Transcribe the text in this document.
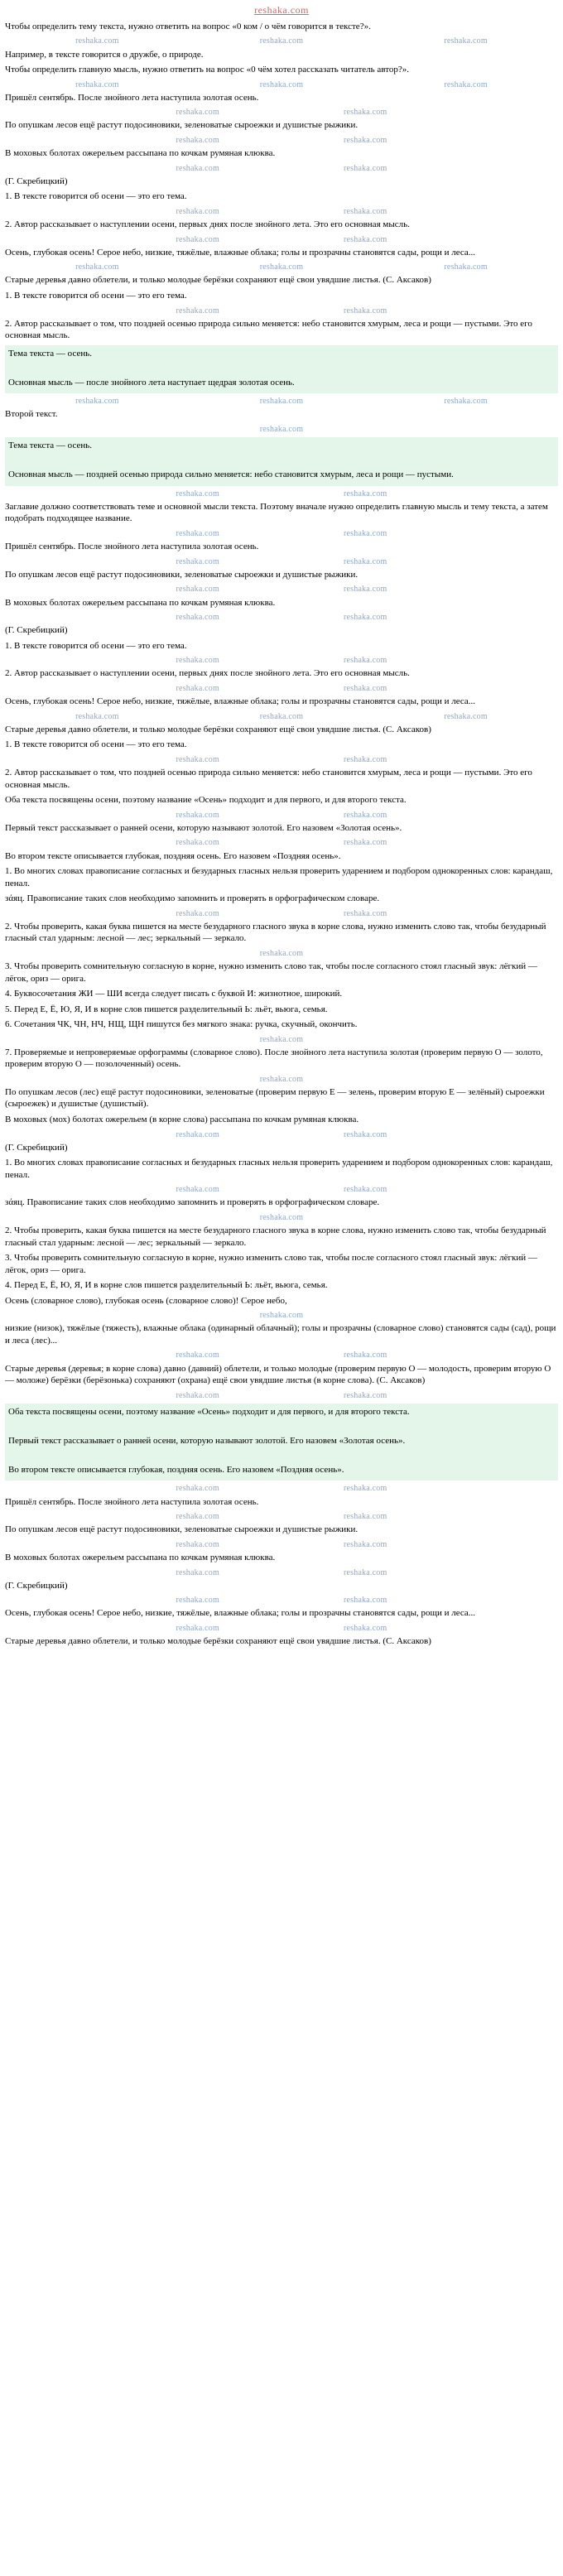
reshaka.com

Чтобы определить тему текста, нужно ответить на вопрос «0 ком / о чём говорится в тексте?».

reshaka.com	reshaka.com	reshaka.com

Например, в тексте говорится о дружбе, о природе.

Чтобы определить главную мысль, нужно ответить на вопрос «0 чём хотел рассказать читатель автор?».

reshaka.com	reshaka.com	reshaka.com

Пришёл сентябрь. После знойного лета наступила золотая осень.

reshaka.com	reshaka.com

По опушкам лесов ещё растут подосиновики, зеленоватые сыроежки и душистые рыжики.

reshaka.com	reshaka.com

В моховых болотах ожерельем рассыпана по кочкам румяная клюква.

reshaka.com	reshaka.com

(Г. Скребицкий)

1. В тексте говорится об осени — это его тема.

reshaka.com	reshaka.com

2. Автор рассказывает о наступлении осени, первых днях после знойного лета. Это его основная мысль.

reshaka.com	reshaka.com

Осень, глубокая осень! Серое небо, низкие, тяжёлые, влажные облака; голы и прозрачны становятся сады, рощи и леса...

reshaka.com	reshaka.com	reshaka.com

Старые деревья давно облетели, и только молодые берёзки сохраняют ещё свои увядшие листья. (С. Аксаков)

1. В тексте говорится об осени — это его тема.

reshaka.com	reshaka.com

2. Автор рассказывает о том, что поздней осенью природа сильно меняется: небо становится хмурым, леса и рощи — пустыми. Это его основная мысль.

Тема текста — осень.

Основная мысль — после знойного лета наступает щедрая золотая осень.

reshaka.com	reshaka.com	reshaka.com

Второй текст.

reshaka.com

Тема текста — осень.

Основная мысль — поздней осенью природа сильно меняется: небо становится хмурым, леса и рощи — пустыми.

reshaka.com	reshaka.com

Заглавие должно соответствовать теме и основной мысли текста. Поэтому вначале нужно определить главную мысль и тему текста, а затем подобрать подходящее название.

reshaka.com	reshaka.com

Пришёл сентябрь. После знойного лета наступила золотая осень.

reshaka.com	reshaka.com

По опушкам лесов ещё растут подосиновики, зеленоватые сыроежки и душистые рыжики.

reshaka.com	reshaka.com

В моховых болотах ожерельем рассыпана по кочкам румяная клюква.

reshaka.com	reshaka.com

(Г. Скребицкий)

1. В тексте говорится об осени — это его тема.

reshaka.com	reshaka.com

2. Автор рассказывает о наступлении осени, первых днях после знойного лета. Это его основная мысль.

reshaka.com	reshaka.com

Осень, глубокая осень! Серое небо, низкие, тяжёлые, влажные облака; голы и прозрачны становятся сады, рощи и леса...

reshaka.com	reshaka.com	reshaka.com

Старые деревья давно облетели, и только молодые берёзки сохраняют ещё свои увядшие листья. (С. Аксаков)

1. В тексте говорится об осени — это его тема.

reshaka.com	reshaka.com

2. Автор рассказывает о том, что поздней осенью природа сильно меняется: небо становится хмурым, леса и рощи — пустыми. Это его основная мысль.

Оба текста посвящены осени, поэтому название «Осень» подходит и для первого, и для второго текста.

reshaka.com	reshaka.com

Первый текст рассказывает о ранней осени, которую называют золотой. Его назовем «Золотая осень».

reshaka.com	reshaka.com

Во втором тексте описывается глубокая, поздняя осень. Его назовем «Поздняя осень».

1. Во многих словах правописание согласных и безударных гласных нельзя проверить ударением и подбором однокоренных слов: карандаш, пенал.

зάяц. Правописание таких слов необходимо запомнить и проверять в орфографическом словаре.

reshaka.com	reshaka.com

2. Чтобы проверить, какая буква пишется на месте безударного гласного звука в корне слова, нужно изменить слово так, чтобы безударный гласный стал ударным: лесной — лес; зеркальный — зеркало.

reshaka.com

3. Чтобы проверить сомнительную согласную в корне, нужно изменить слово так, чтобы после согласного стоял гласный звук: лёгкий — лёгок, ориз — орига.

4. Буквосочетания ЖИ — ШИ всегда следует писать с буквой И: жизнотное, широкий.

5. Перед Е, Ё, Ю, Я, И в корне слов пишется разделительный Ь: льёт, вьюга, семья.

6. Сочетания ЧК, ЧН, НЧ, НЩ, ЩН пишутся без мягкого знака: ручка, скучный, окончить.

reshaka.com

7. Проверяемые и непроверяемые орфограммы (словарное слово). После знойного лета наступила золотая (проверим первую О — золото, проверим вторую О — позолоченный) осень.

reshaka.com

По опушкам лесов (лес) ещё растут подосиновики, зеленоватые (проверим первую Е — зелень, проверим вторую Е — зелёный) сыроежки (сыроежек) и душистые (душистый).

В моховых (мох) болотах ожерельем (в корне слова) рассыпана по кочкам румяная клюква.

reshaka.com	reshaka.com

(Г. Скребицкий)

1. Во многих словах правописание согласных и безударных гласных нельзя проверить ударением и подбором однокоренных слов: карандаш, пенал.

reshaka.com	reshaka.com

зάяц. Правописание таких слов необходимо запомнить и проверять в орфографическом словаре.

reshaka.com

2. Чтобы проверить, какая буква пишется на месте безударного гласного звука в корне слова, нужно изменить слово так, чтобы безударный гласный стал ударным: лесной — лес; зеркальный — зеркало.

3. Чтобы проверить сомнительную согласную в корне, нужно изменить слово так, чтобы после согласного стоял гласный звук: лёгкий — лёгок, ориз — орига.

4. Перед Е, Ё, Ю, Я, И в корне слов пишется разделительный Ь: льёт, вьюга, семья.

Осень (словарное слово), глубокая осень (словарное слово)! Серое небо,

reshaka.com

низкие (низок), тяжёлые (тяжесть), влажные облака (одинарный облачный); голы и прозрачны (словарное слово) становятся сады (сад), рощи и леса (лес)...

reshaka.com	reshaka.com

Старые деревья (деревья; в корне слова) давно (давний) облетели, и только молодые (проверим первую О — молодость, проверим вторую О — моложе) берёзки (берёзонька) сохраняют (охрана) ещё свои увядшие листья (в корне слова). (С. Аксаков)

reshaka.com	reshaka.com

Оба текста посвящены осени, поэтому название «Осень» подходит и для первого, и для второго текста.

Первый текст рассказывает о ранней осени, которую называют золотой. Его назовем «Золотая осень».

Во втором тексте описывается глубокая, поздняя осень. Его назовем «Поздняя осень».

reshaka.com	reshaka.com

Пришёл сентябрь. После знойного лета наступила золотая осень.

reshaka.com	reshaka.com

По опушкам лесов ещё растут подосиновики, зеленоватые сыроежки и душистые рыжики.

reshaka.com	reshaka.com

В моховых болотах ожерельем рассыпана по кочкам румяная клюква.

reshaka.com	reshaka.com

(Г. Скребицкий)

reshaka.com	reshaka.com

Осень, глубокая осень! Серое небо, низкие, тяжёлые, влажные облака; голы и прозрачны становятся сады, рощи и леса...

reshaka.com	reshaka.com

Старые деревья давно облетели, и только молодые берёзки сохраняют ещё свои увядшие листья. (С. Аксаков)
